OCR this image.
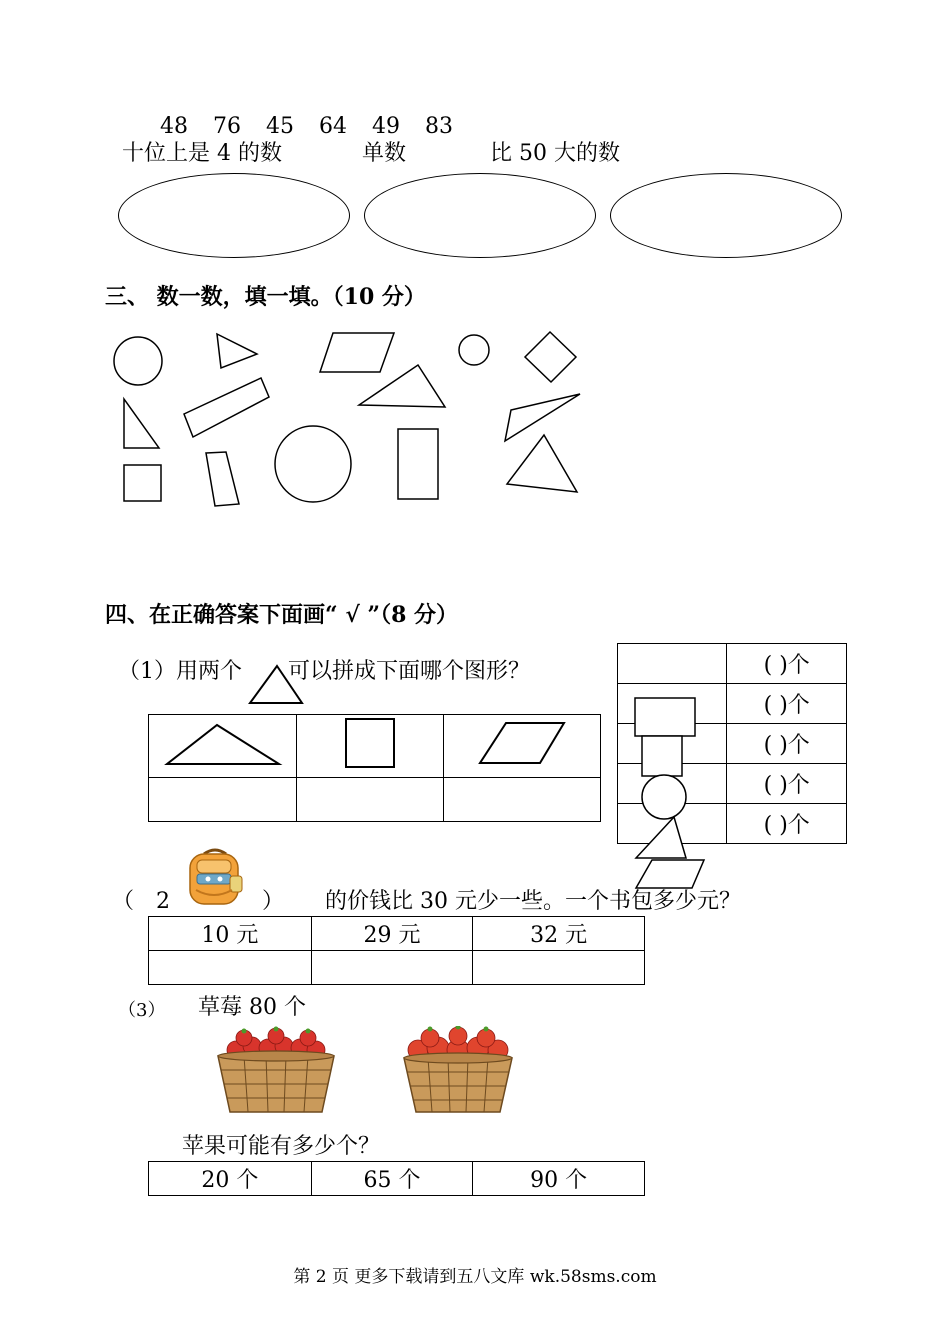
48 76 45 64 49 83
十位上是 4 的数	单数	比 50 大的数
三、 数一数，填一填。（10 分）
	( )个
	( )个
	( )个
	( )个
	( )个
四、在正确答案下面画“ √ ”（8 分）
（1）用两个 可以拼成下面哪个图形？

（ 2	） 的价钱比 30 元少一些。一个书包多少元？
10 元	29 元	32 元

（3） 草莓 80 个
苹果可能有多少个？
20 个	65 个	90 个
第 2 页 更多下载请到五八文库 wk.58sms.com
